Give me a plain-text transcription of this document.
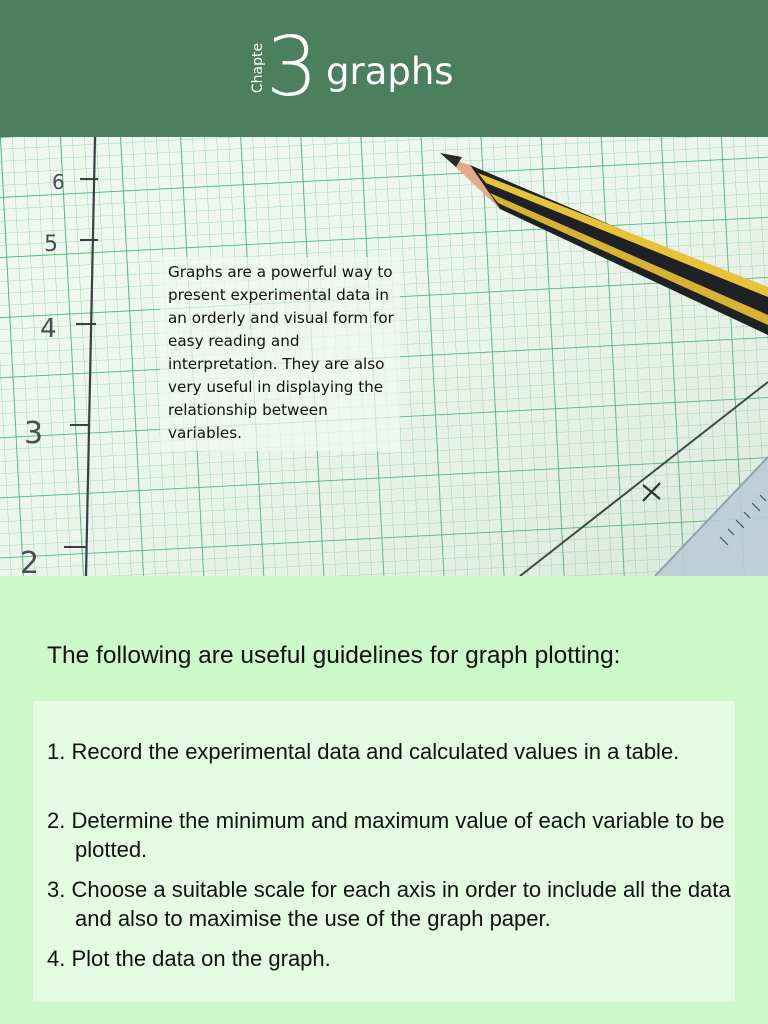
Chapte 3 graphs
6
5
4
3
2
Graphs are a powerful way to present experimental data in an orderly and visual form for easy reading and interpretation. They are also very useful in displaying the relationship between variables.
The following are useful guidelines for graph plotting:
1. Record the experimental data and calculated values in a table.
2. Determine the minimum and maximum value of each variable to be plotted.
3. Choose a suitable scale for each axis in order to include all the data and also to maximise the use of the graph paper.
4. Plot the data on the graph.
